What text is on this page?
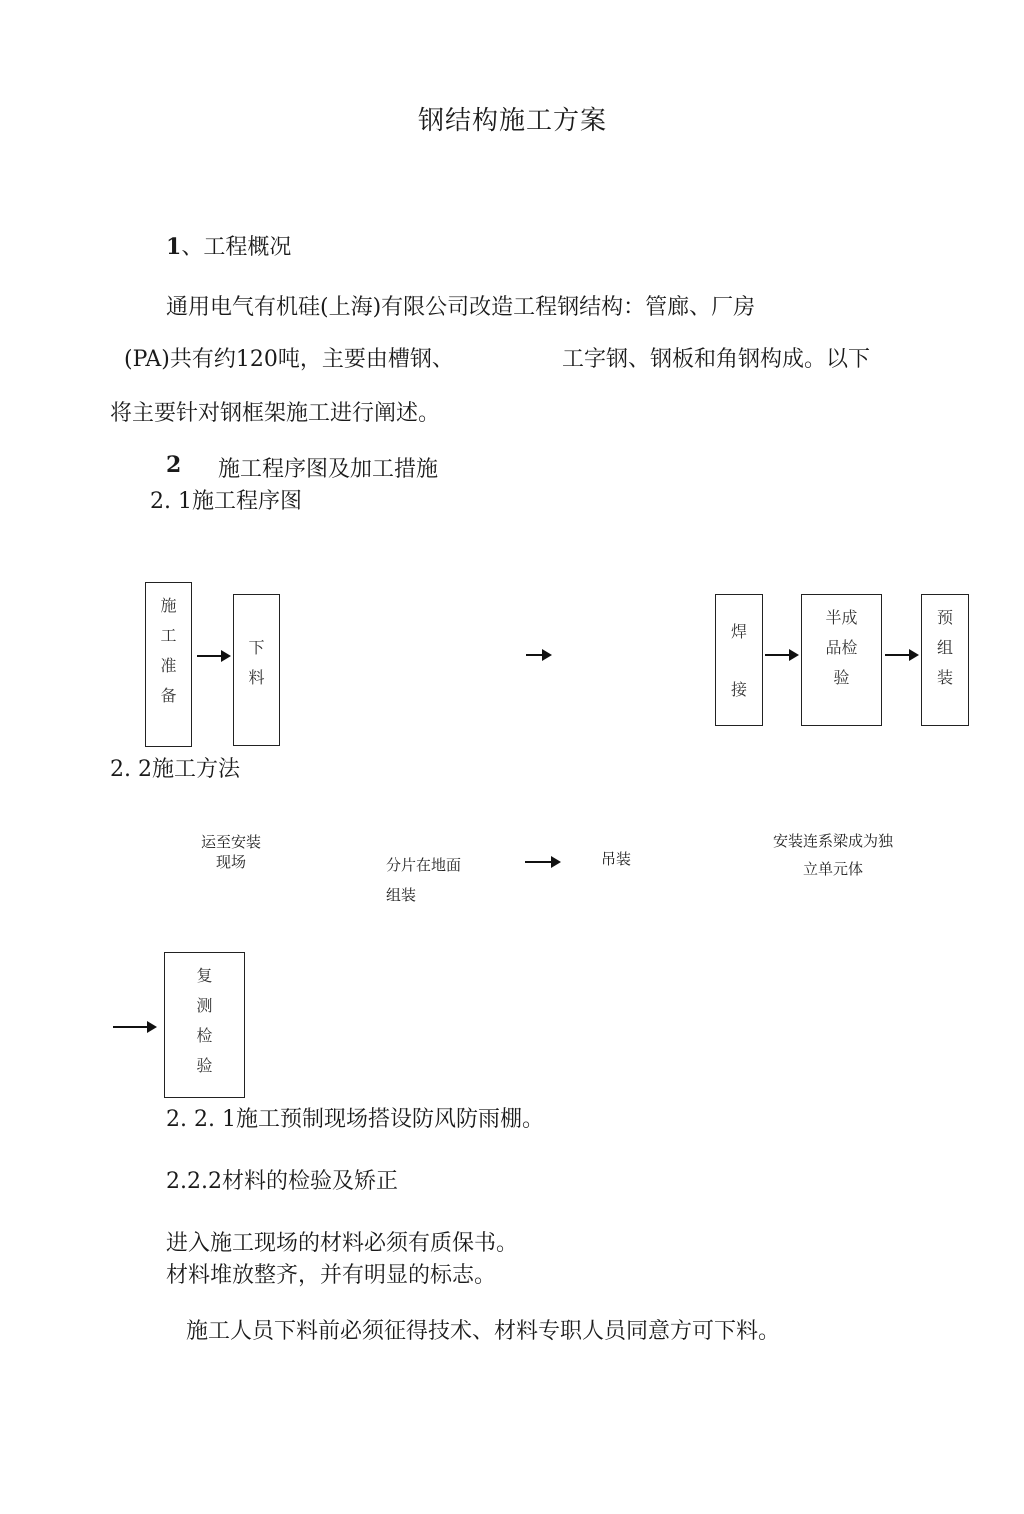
钢结构施工方案
1、工程概况
通用电气有机硅(上海)有限公司改造工程钢结构：管廊、厂房
(PA)共有约120吨，主要由槽钢、	工字钢、钢板和角钢构成。以下
将主要针对钢框架施工进行阐述。
2 施工程序图及加工措施
2. 1施工程序图
施工准备
下料
焊接
半成品检验
预组装
2. 2施工方法
运至安装现场	分片在地面组装
吊装
安装连系梁成为独立单元体
复测检验
2. 2. 1施工预制现场搭设防风防雨棚。
2.2.2材料的检验及矫正
进入施工现场的材料必须有质保书。
材料堆放整齐，并有明显的标志。
施工人员下料前必须征得技术、材料专职人员同意方可下料。
